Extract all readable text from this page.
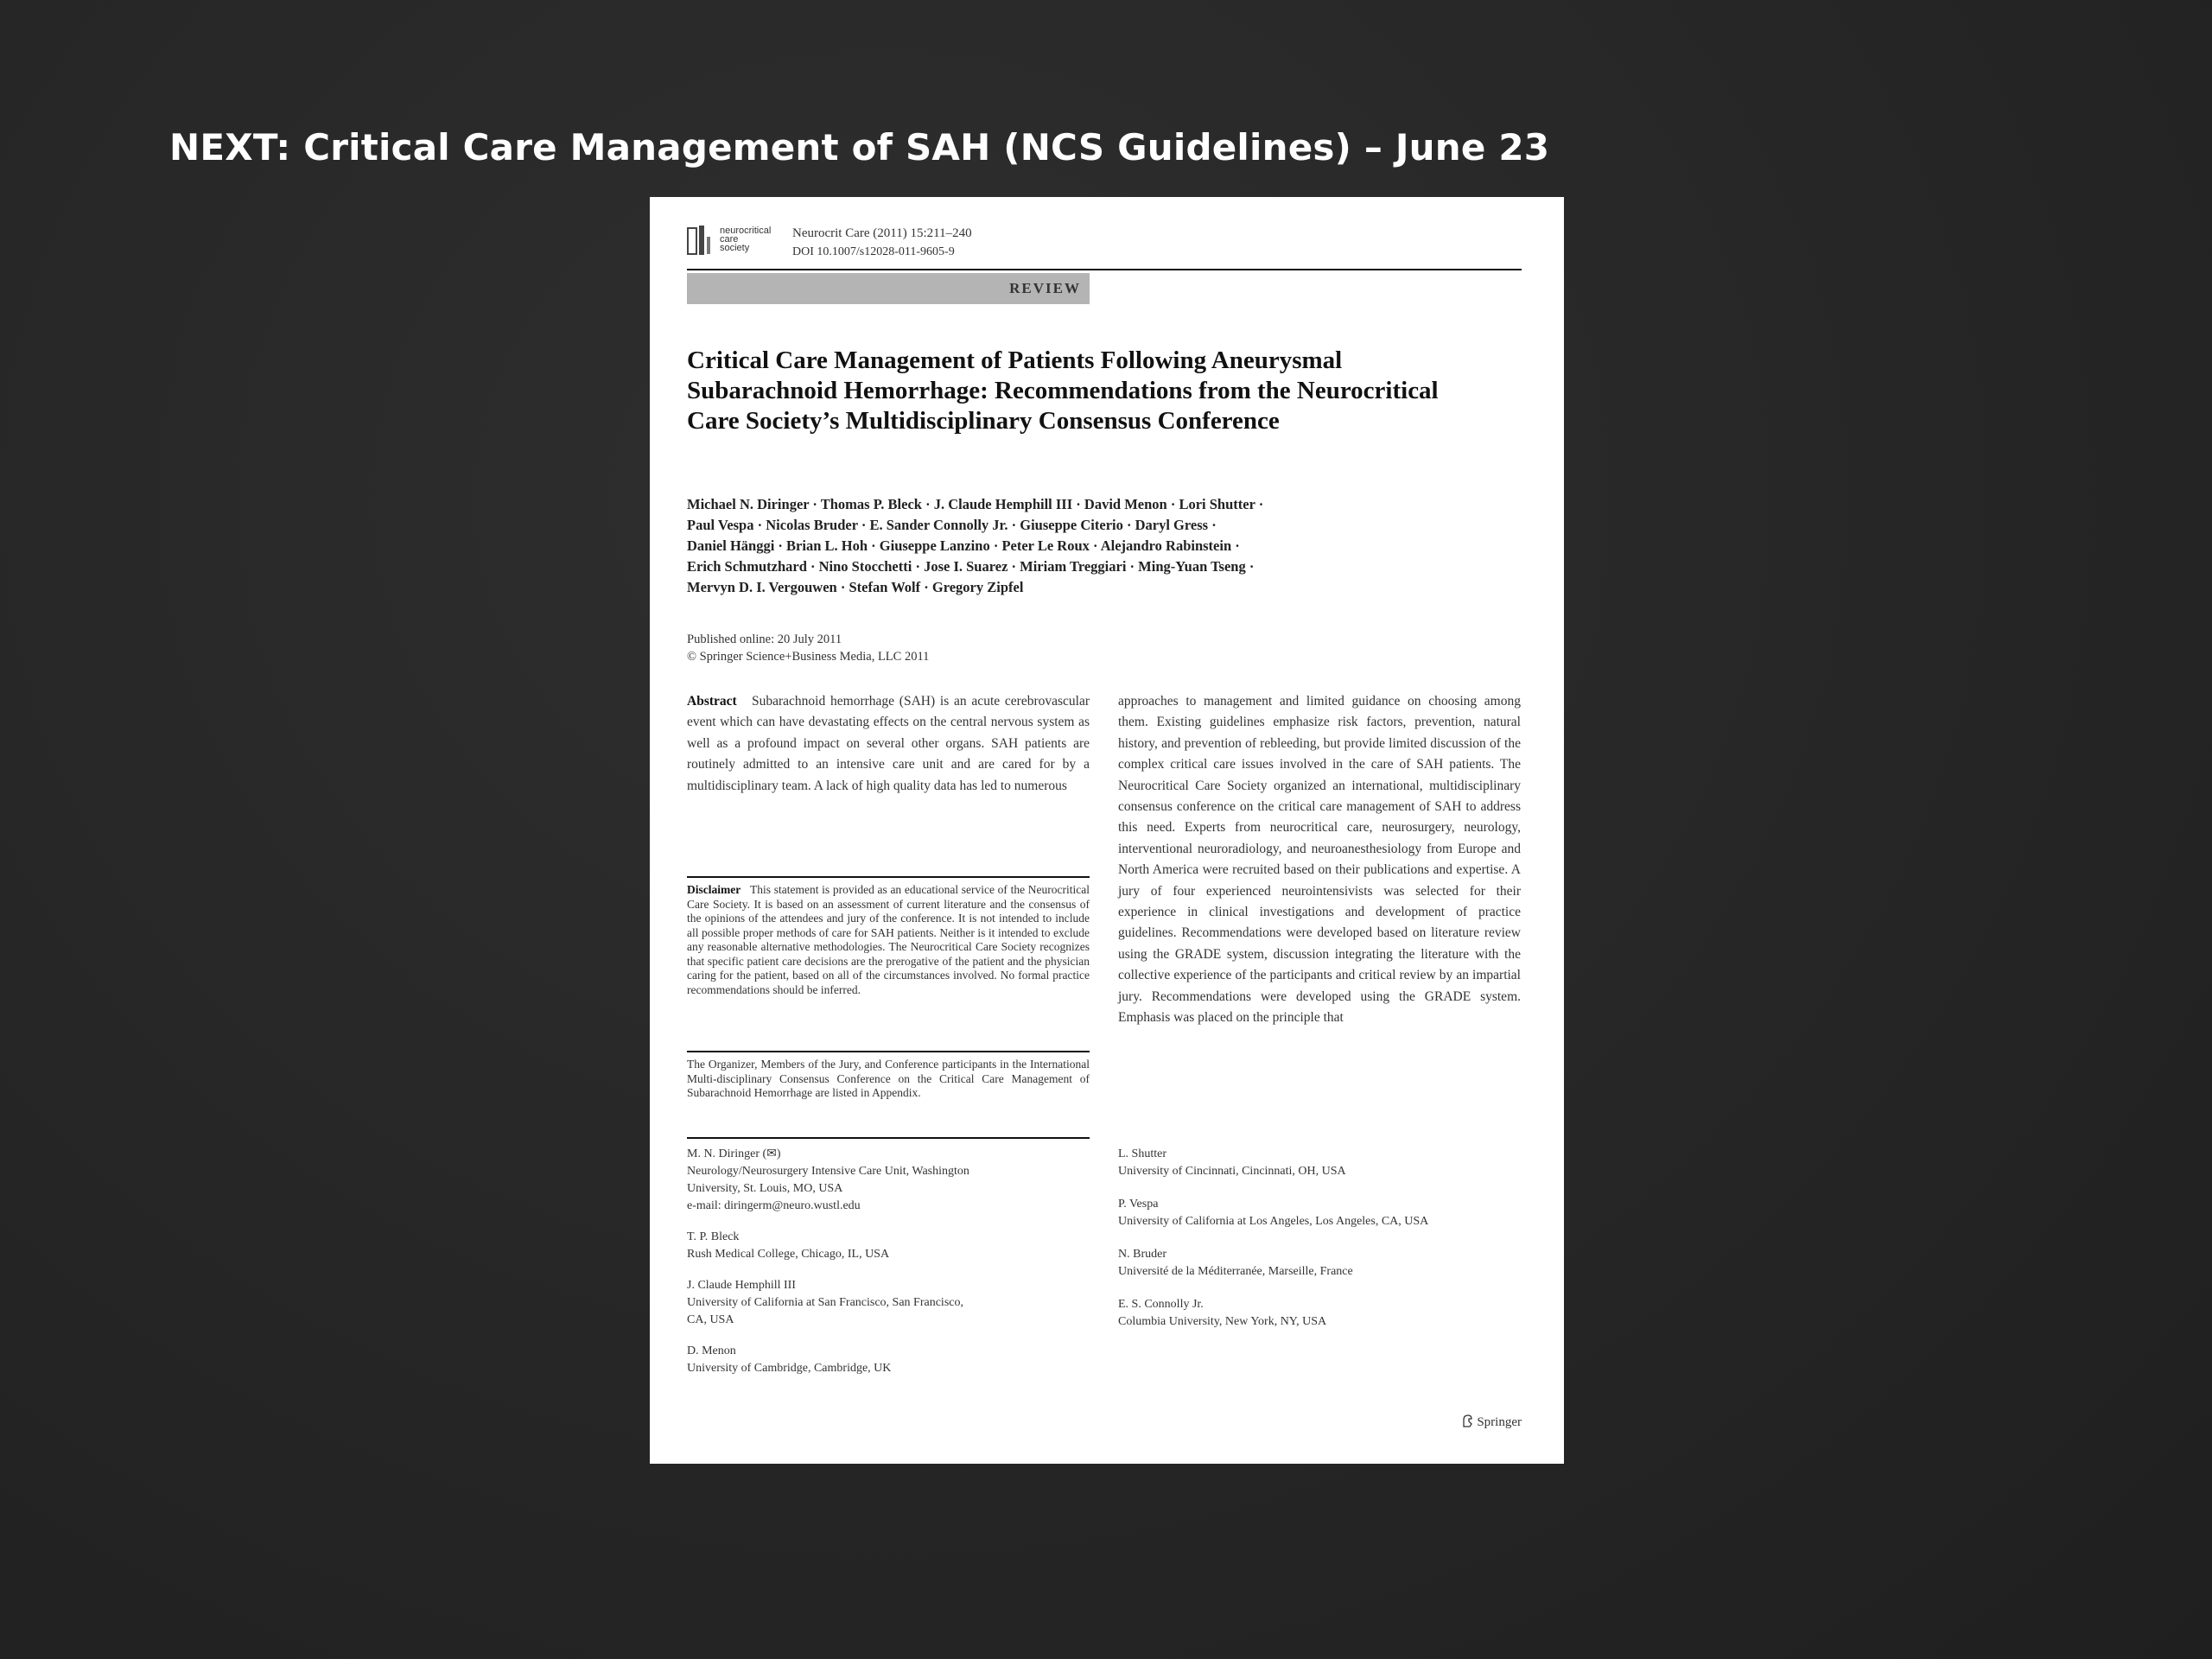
NEXT: Critical Care Management of SAH (NCS Guidelines) – June 23
neurocritical
care
society
Neurocrit Care (2011) 15:211–240
DOI 10.1007/s12028-011-9605-9
REVIEW
Critical Care Management of Patients Following Aneurysmal Subarachnoid Hemorrhage: Recommendations from the Neurocritical Care Society’s Multidisciplinary Consensus Conference
Michael N. Diringer · Thomas P. Bleck · J. Claude Hemphill III · David Menon · Lori Shutter ·
Paul Vespa · Nicolas Bruder · E. Sander Connolly Jr. · Giuseppe Citerio · Daryl Gress ·
Daniel Hänggi · Brian L. Hoh · Giuseppe Lanzino · Peter Le Roux · Alejandro Rabinstein ·
Erich Schmutzhard · Nino Stocchetti · Jose I. Suarez · Miriam Treggiari · Ming-Yuan Tseng ·
Mervyn D. I. Vergouwen · Stefan Wolf · Gregory Zipfel
Published online: 20 July 2011
© Springer Science+Business Media, LLC 2011
Abstract Subarachnoid hemorrhage (SAH) is an acute cerebrovascular event which can have devastating effects on the central nervous system as well as a profound impact on several other organs. SAH patients are routinely admitted to an intensive care unit and are cared for by a multidisciplinary team. A lack of high quality data has led to numerous
approaches to management and limited guidance on choosing among them. Existing guidelines emphasize risk factors, prevention, natural history, and prevention of rebleeding, but provide limited discussion of the complex critical care issues involved in the care of SAH patients. The Neurocritical Care Society organized an international, multidisciplinary consensus conference on the critical care management of SAH to address this need. Experts from neurocritical care, neurosurgery, neurology, interventional neuroradiology, and neuroanesthesiology from Europe and North America were recruited based on their publications and expertise. A jury of four experienced neurointensivists was selected for their experience in clinical investigations and development of practice guidelines. Recommendations were developed based on literature review using the GRADE system, discussion integrating the literature with the collective experience of the participants and critical review by an impartial jury. Recommendations were developed using the GRADE system. Emphasis was placed on the principle that
Disclaimer This statement is provided as an educational service of the Neurocritical Care Society. It is based on an assessment of current literature and the consensus of the opinions of the attendees and jury of the conference. It is not intended to include all possible proper methods of care for SAH patients. Neither is it intended to exclude any reasonable alternative methodologies. The Neurocritical Care Society recognizes that specific patient care decisions are the prerogative of the patient and the physician caring for the patient, based on all of the circumstances involved. No formal practice recommendations should be inferred.
The Organizer, Members of the Jury, and Conference participants in the International Multi-disciplinary Consensus Conference on the Critical Care Management of Subarachnoid Hemorrhage are listed in Appendix.
M. N. Diringer (✉)
Neurology/Neurosurgery Intensive Care Unit, Washington
University, St. Louis, MO, USA
e-mail: diringerm@neuro.wustl.edu
T. P. Bleck
Rush Medical College, Chicago, IL, USA
J. Claude Hemphill III
University of California at San Francisco, San Francisco,
CA, USA
D. Menon
University of Cambridge, Cambridge, UK
L. Shutter
University of Cincinnati, Cincinnati, OH, USA
P. Vespa
University of California at Los Angeles, Los Angeles, CA, USA
N. Bruder
Université de la Méditerranée, Marseille, France
E. S. Connolly Jr.
Columbia University, New York, NY, USA
Springer
